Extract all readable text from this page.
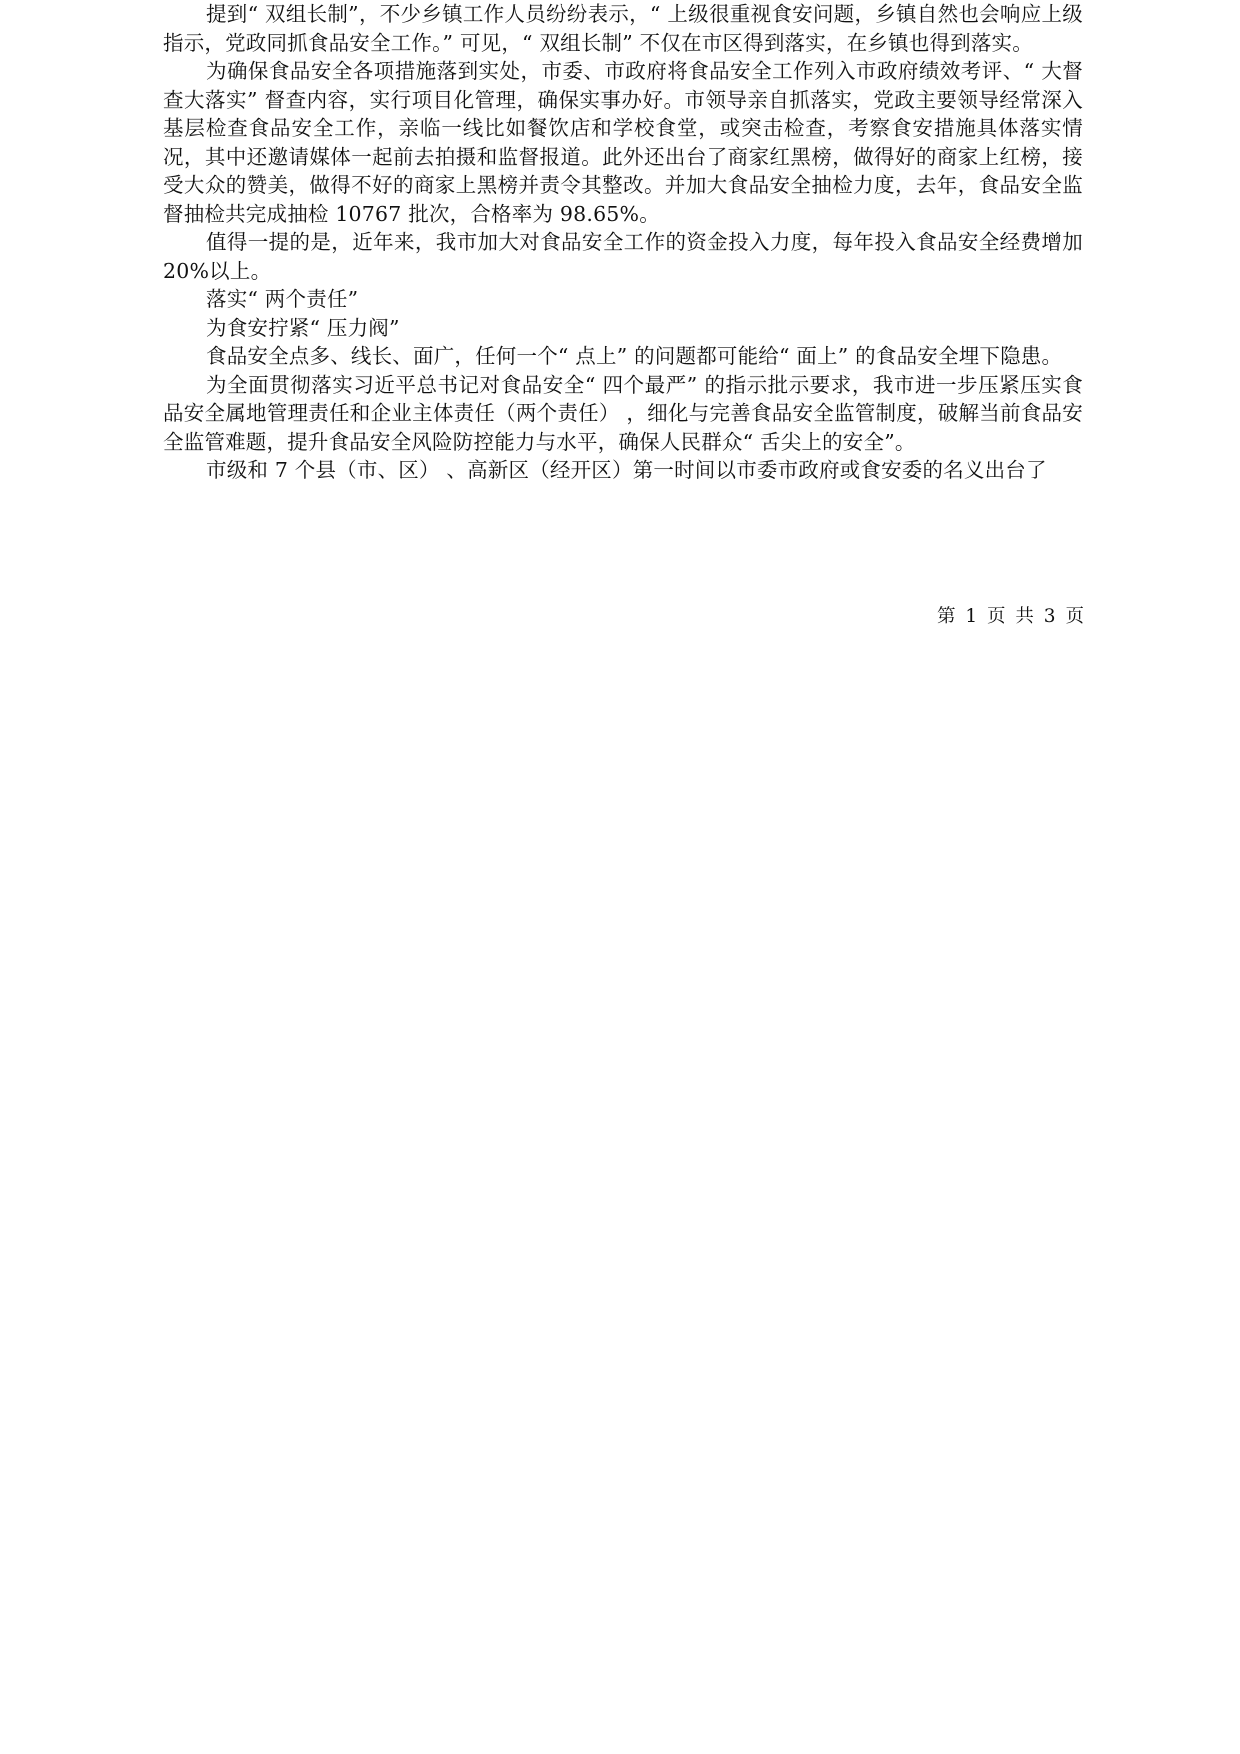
提到“ 双组长制”，不少乡镇工作人员纷纷表示，“ 上级很重视食安问题，乡镇自然也会响应上级指示，党政同抓食品安全工作。” 可见，“ 双组长制” 不仅在市区得到落实，在乡镇也得到落实。

为确保食品安全各项措施落到实处，市委、市政府将食品安全工作列入市政府绩效考评、“ 大督查大落实” 督查内容，实行项目化管理，确保实事办好。市领导亲自抓落实，党政主要领导经常深入基层检查食品安全工作，亲临一线比如餐饮店和学校食堂，或突击检查，考察食安措施具体落实情况，其中还邀请媒体一起前去拍摄和监督报道。此外还出台了商家红黑榜，做得好的商家上红榜，接受大众的赞美，做得不好的商家上黑榜并责令其整改。并加大食品安全抽检力度，去年，食品安全监督抽检共完成抽检 10767 批次，合格率为 98.65%。

值得一提的是，近年来，我市加大对食品安全工作的资金投入力度，每年投入食品安全经费增加 20%以上。

落实“ 两个责任”

为食安拧紧“ 压力阀”

食品安全点多、线长、面广，任何一个“ 点上” 的问题都可能给“ 面上” 的食品安全埋下隐患。

为全面贯彻落实习近平总书记对食品安全“ 四个最严” 的指示批示要求，我市进一步压紧压实食品安全属地管理责任和企业主体责任（两个责任） ，细化与完善食品安全监管制度，破解当前食品安全监管难题，提升食品安全风险防控能力与水平，确保人民群众“ 舌尖上的安全”。

市级和 7 个县（市、区） 、高新区（经开区）第一时间以市委市政府或食安委的名义出台了

第 1 页 共 3 页
